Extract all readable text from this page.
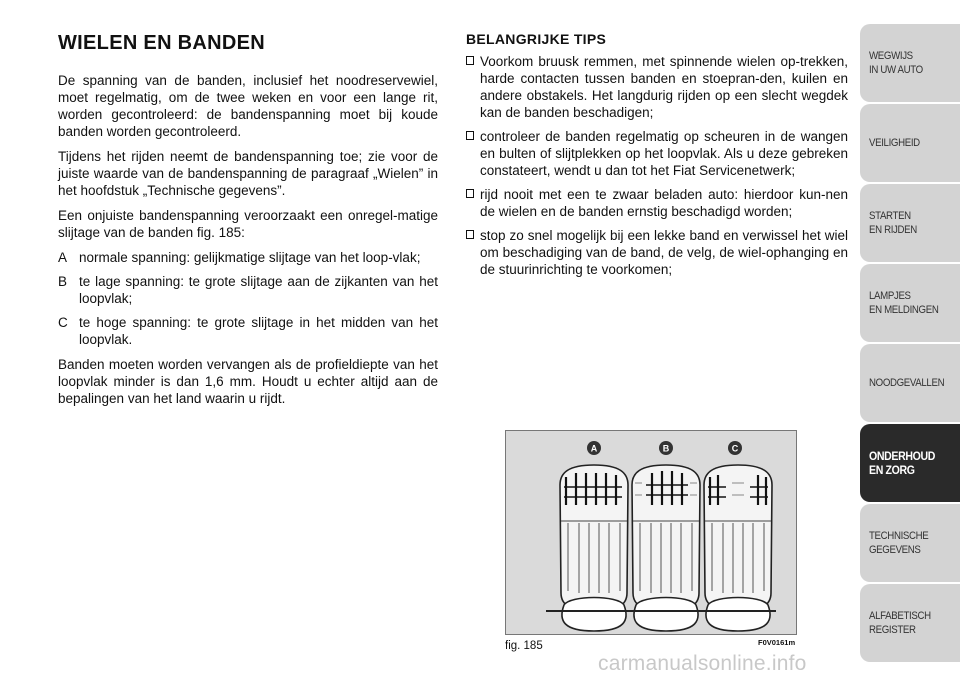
WIELEN EN BANDEN

De spanning van de banden, inclusief het noodreservewiel, moet regelmatig, om de twee weken en voor een lange rit, worden gecontroleerd: de bandenspanning moet bij koude banden worden gecontroleerd.

Tijdens het rijden neemt de bandenspanning toe; zie voor de juiste waarde van de bandenspanning de paragraaf „Wielen” in het hoofdstuk „Technische gegevens”.

Een onjuiste bandenspanning veroorzaakt een onregel-matige slijtage van de banden fig. 185:

A normale spanning: gelijkmatige slijtage van het loop-vlak;
B te lage spanning: te grote slijtage aan de zijkanten van het loopvlak;
C te hoge spanning: te grote slijtage in het midden van het loopvlak.

Banden moeten worden vervangen als de profieldiepte van het loopvlak minder is dan 1,6 mm. Houdt u echter altijd aan de bepalingen van het land waarin u rijdt.

BELANGRIJKE TIPS
Voorkom bruusk remmen, met spinnende wielen op-trekken, harde contacten tussen banden en stoepran-den, kuilen en andere obstakels. Het langdurig rijden op een slecht wegdek kan de banden beschadigen;
controleer de banden regelmatig op scheuren in de wangen en bulten of slijtplekken op het loopvlak. Als u deze gebreken constateert, wendt u dan tot het Fiat Servicenetwerk;
rijd nooit met een te zwaar beladen auto: hierdoor kun-nen de wielen en de banden ernstig beschadigd worden;
stop zo snel mogelijk bij een lekke band en verwissel het wiel om beschadiging van de band, de velg, de wiel-ophanging en de stuurinrichting te voorkomen;
A	B	C
fig. 185	F0V0161m
WEGWIJS
IN UW AUTO
VEILIGHEID
STARTEN
EN RIJDEN
LAMPJES
EN MELDINGEN
NOODGEVALLEN
ONDERHOUD
EN ZORG
TECHNISCHE
GEGEVENS
ALFABETISCH
REGISTER
carmanualsonline.info
